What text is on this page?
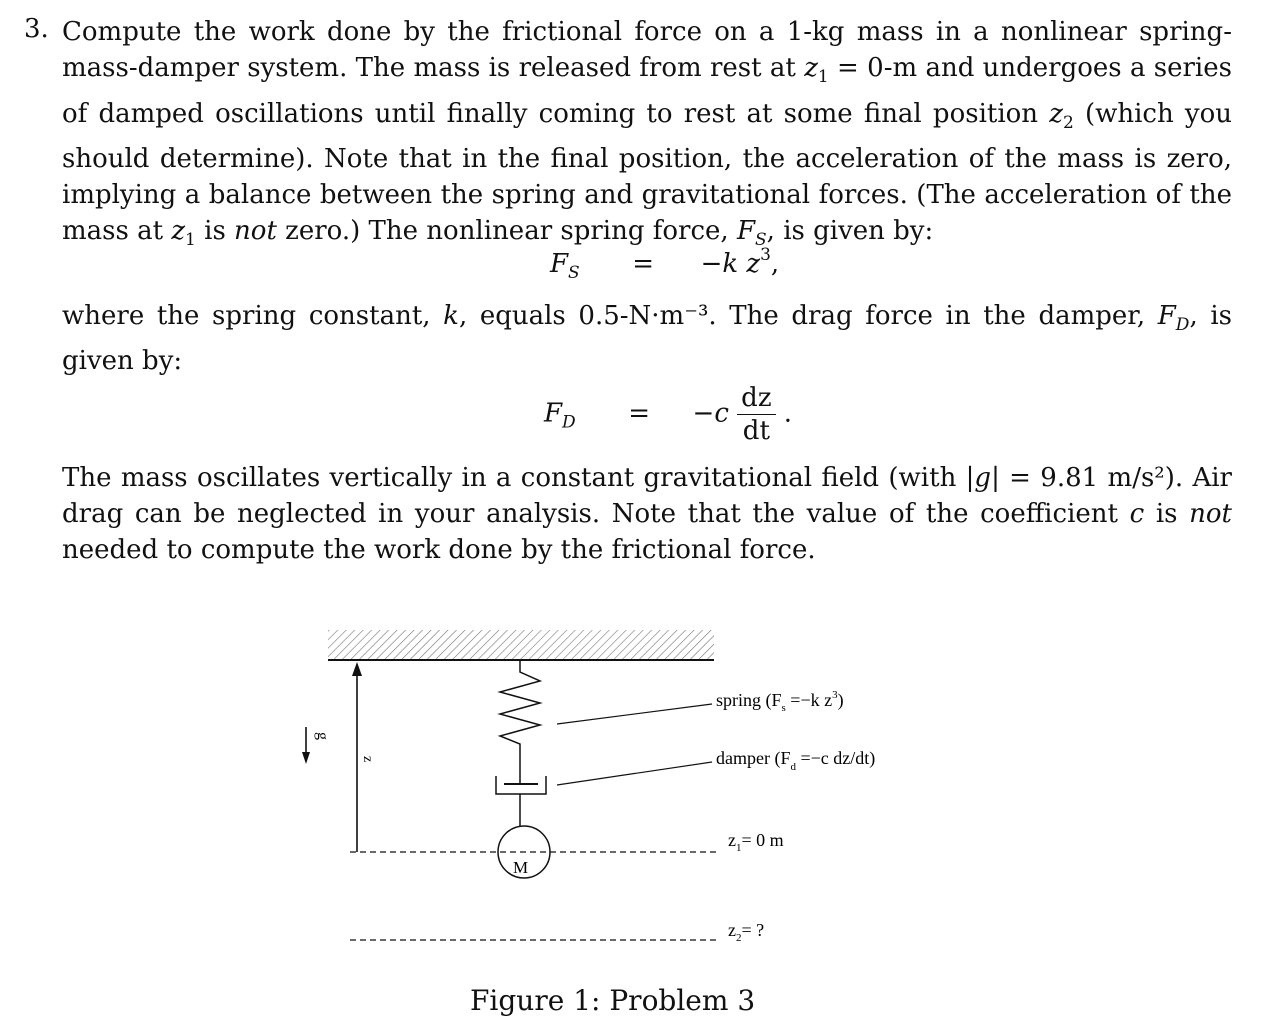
3. Compute the work done by the frictional force on a 1-kg mass in a nonlinear spring-mass-damper system. The mass is released from rest at $z_1 = 0-m$ and undergoes a series of damped oscillations until finally coming to rest at some final position $z_2$ (which you should determine). Note that in the final position, the acceleration of the mass is zero, implying a balance between the spring and gravitational forces. (The acceleration of the mass at $z_1$ is not zero.) The nonlinear spring force, $F_S$, is given by:
$F_S = -k$ $z^3$,
where the spring constant, k, equals 0.5-N·m⁻³. The drag force in the damper, $F_D$, is given by:
$F_D = -c \frac{dz}{dt}$ .
The mass oscillates vertically in a constant gravitational field (with |g| = 9.81 m/s²). Air drag can be neglected in your analysis. Note that the value of the coefficient c is not needed to compute the work done by the frictional force.
z
g
M
spring ($F_s =-k$ $z^3$)
damper ($F_d =-c$ dz/dt)
$z_1= 0$ m
$z_2=$ ?
Figure 1: Problem 3
